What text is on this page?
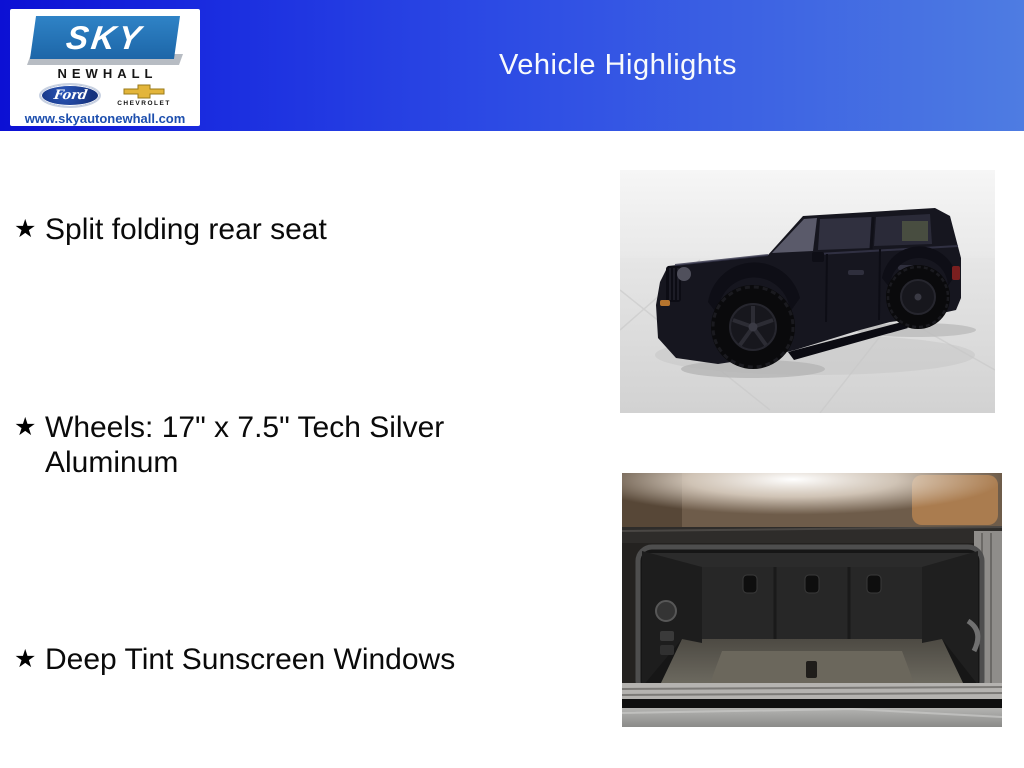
Vehicle Highlights
SKY
NEWHALL
Ford
CHEVROLET
www.skyautonewhall.com
★ Split folding rear seat
★ Wheels: 17" x 7.5" Tech Silver Aluminum
★ Deep Tint Sunscreen Windows
